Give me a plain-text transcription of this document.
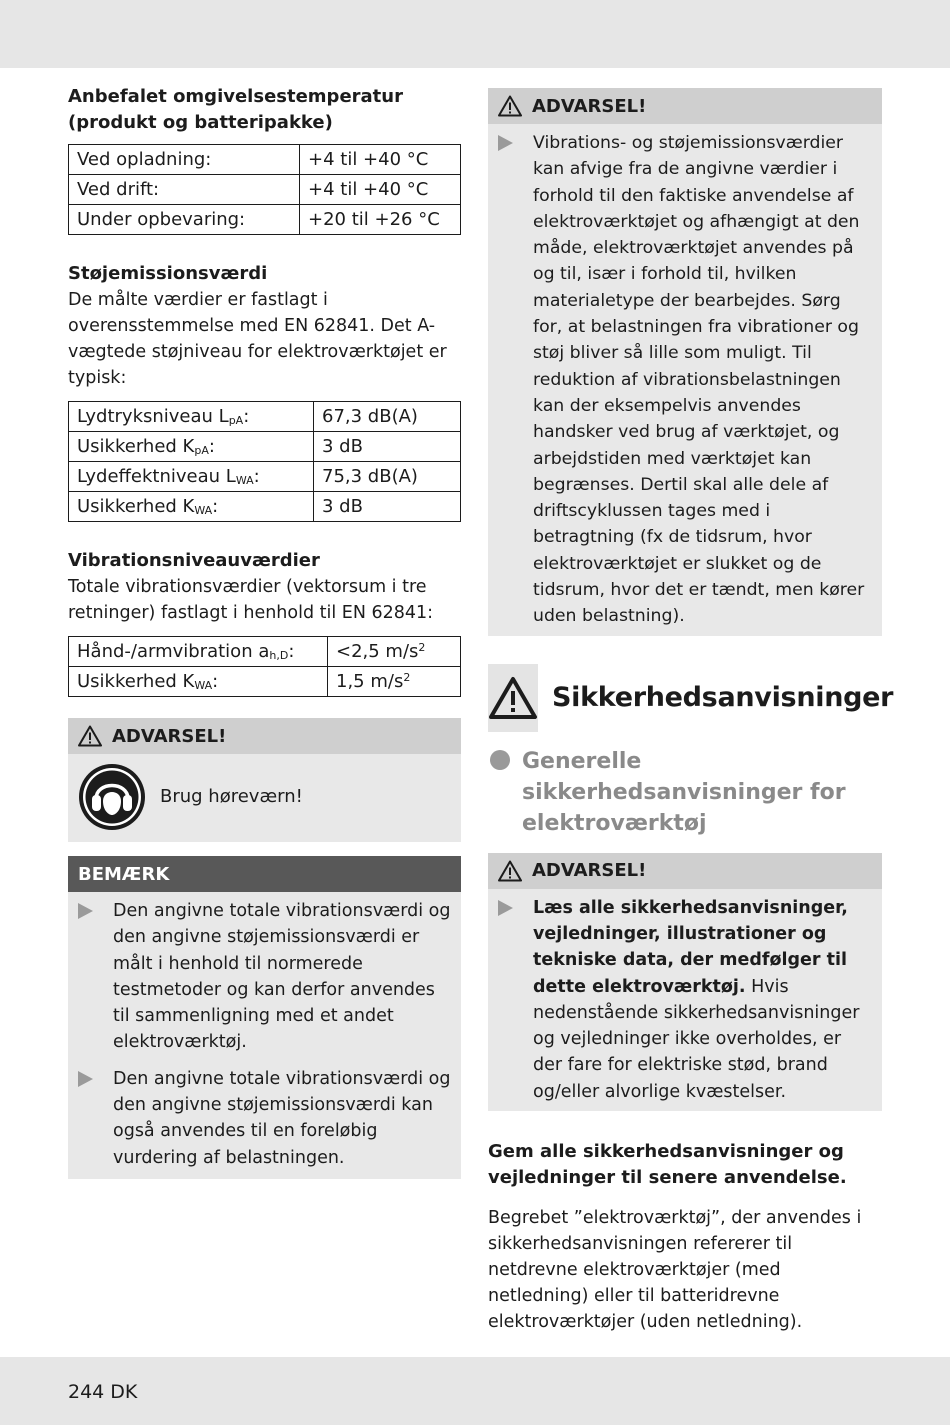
Anbefalet omgivelsestemperatur (produkt og batteripakke)

Ved opladning:	+4 til +40 °C
Ved drift:	+4 til +40 °C
Under opbevaring:	+20 til +26 °C

Støjemissionsværdi

De målte værdier er fastlagt i overensstemmelse med EN 62841. Det A-vægtede støjniveau for elektroværktøjet er typisk:

Lydtryksniveau $L_{pA}$:	67,3 dB(A)
Usikkerhed $K_{pA}$:	3 dB
Lydeffektniveau $L_{WA}$:	75,3 dB(A)
Usikkerhed $K_{WA}$:	3 dB

Vibrationsniveauværdier

Totale vibrationsværdier (vektorsum i tre retninger) fastlagt i henhold til EN 62841:

Hånd-/armvibration $a_{h,D}$:	<2,5 $m/s^2$
Usikkerhed $K_{WA}$:	1,5 $m/s^2$
ADVARSEL!
Brug høreværn!
BEMÆRK
Den angivne totale vibrationsværdi og den angivne støjemissionsværdi er målt i henhold til normerede testmetoder og kan derfor anvendes til sammenligning med et andet elektroværktøj.
Den angivne totale vibrationsværdi og den angivne støjemissionsværdi kan også anvendes til en foreløbig vurdering af belastningen.
ADVARSEL!
Vibrations- og støjemissionsværdier kan afvige fra de angivne værdier i forhold til den faktiske anvendelse af elektroværktøjet og afhængigt at den måde, elektroværktøjet anvendes på og til, især i forhold til, hvilken materialetype der bearbejdes. Sørg for, at belastningen fra vibrationer og støj bliver så lille som muligt. Til reduktion af vibrationsbelastningen kan der eksempelvis anvendes handsker ved brug af værktøjet, og arbejdstiden med værktøjet kan begrænses. Dertil skal alle dele af driftscyklussen tages med i betragtning (fx de tidsrum, hvor elektroværktøjet er slukket og de tidsrum, hvor det er tændt, men kører uden belastning).
Sikkerhedsanvisninger
Generelle sikkerhedsanvisninger for elektroværktøj
ADVARSEL!
Læs alle sikkerhedsanvisninger, vejledninger, illustrationer og tekniske data, der medfølger til dette elektroværktøj. Hvis nedenstående sikkerhedsanvisninger og vejledninger ikke overholdes, er der fare for elektriske stød, brand og/eller alvorlige kvæstelser.

Gem alle sikkerhedsanvisninger og vejledninger til senere anvendelse.

Begrebet ”elektroværktøj”, der anvendes i sikkerhedsanvisningen refererer til netdrevne elektroværktøjer (med netledning) eller til batteridrevne elektroværktøjer (uden netledning).

244 DK
